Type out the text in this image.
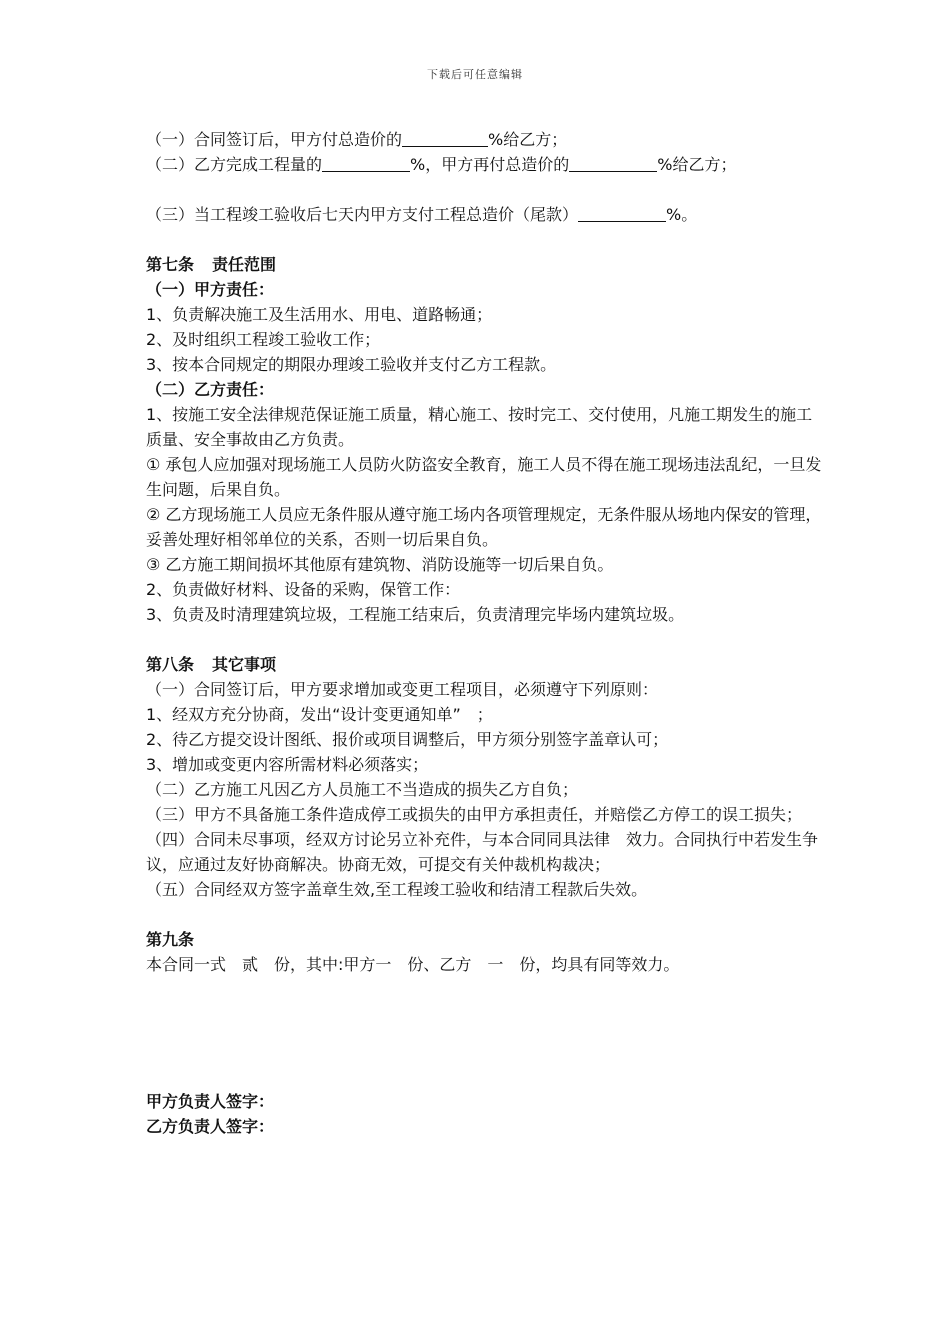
下载后可任意编辑
（一）合同签订后，甲方付总造价的	%给乙方；
（二）乙方完成工程量的	%，甲方再付总造价的	%给乙方；
（三）当工程竣工验收后七天内甲方支付工程总造价（尾款）	%。
第七条 责任范围
（一）甲方责任：
1、负责解决施工及生活用水、用电、道路畅通；
2、及时组织工程竣工验收工作；
3、按本合同规定的期限办理竣工验收并支付乙方工程款。
（二）乙方责任：
1、按施工安全法律规范保证施工质量，精心施工、按时完工、交付使用，凡施工期发生的施工质量、安全事故由乙方负责。
① 承包人应加强对现场施工人员防火防盗安全教育，施工人员不得在施工现场违法乱纪，一旦发生问题，后果自负。
② 乙方现场施工人员应无条件服从遵守施工场内各项管理规定，无条件服从场地内保安的管理，妥善处理好相邻单位的关系，否则一切后果自负。
③ 乙方施工期间损坏其他原有建筑物、消防设施等一切后果自负。
2、负责做好材料、设备的采购，保管工作：
3、负责及时清理建筑垃圾，工程施工结束后，负责清理完毕场内建筑垃圾。
第八条 其它事项
（一）合同签订后，甲方要求增加或变更工程项目，必须遵守下列原则：
1、经双方充分协商，发出“设计变更通知单”　；
2、待乙方提交设计图纸、报价或项目调整后，甲方须分别签字盖章认可；
3、增加或变更内容所需材料必须落实；
（二）乙方施工凡因乙方人员施工不当造成的损失乙方自负；
（三）甲方不具备施工条件造成停工或损失的由甲方承担责任，并赔偿乙方停工的误工损失；
（四）合同未尽事项，经双方讨论另立补充件，与本合同同具法律　效力。合同执行中若发生争议，应通过友好协商解决。协商无效，可提交有关仲裁机构裁决；
（五）合同经双方签字盖章生效,至工程竣工验收和结清工程款后失效。
第九条
本合同一式　贰　份，其中:甲方一　份、乙方　一　份，均具有同等效力。
甲方负责人签字：
乙方负责人签字：
